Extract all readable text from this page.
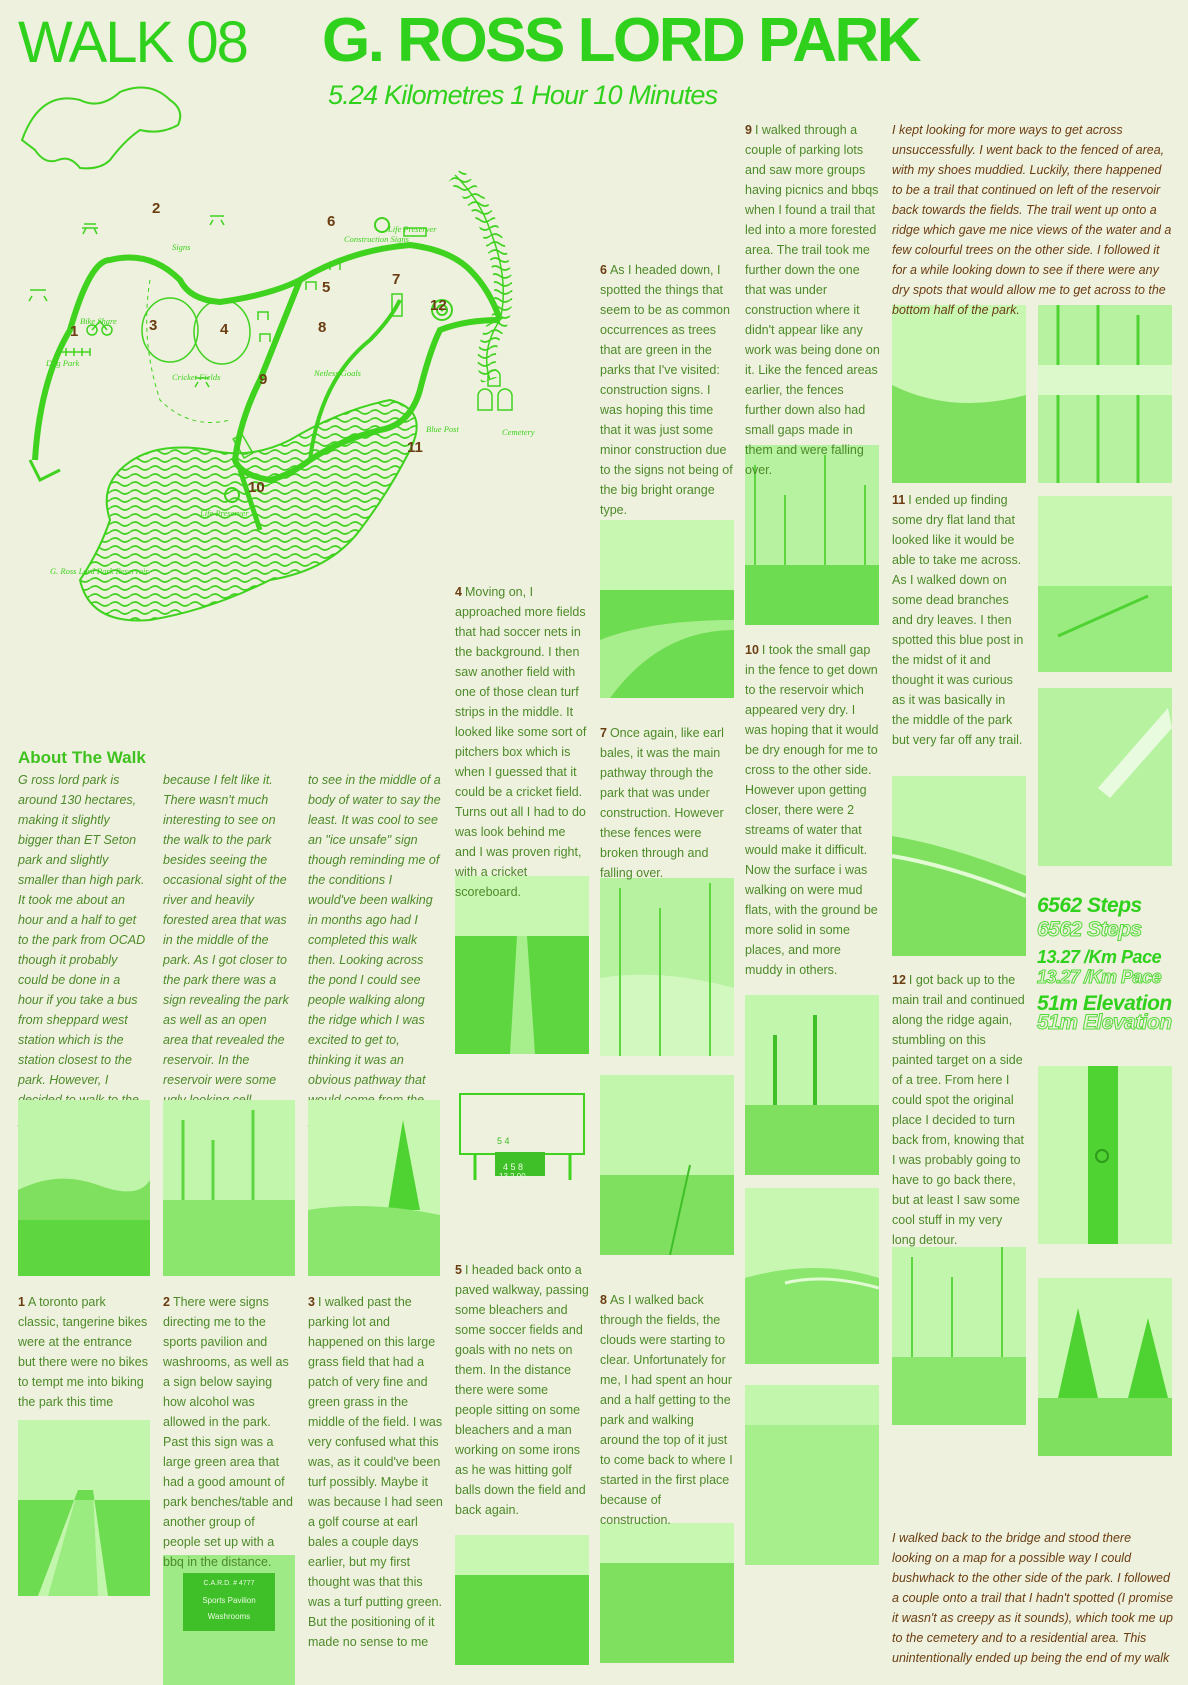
WALK 08 G. ROSS LORD PARK
5.24 Kilometres 1 Hour 10 Minutes
1
2
3	4
5
6
7
8
9
10
11
12
Signs
Bike Share
Dog Park
Cricket Fields	Netless Goals
Construction Signs
Life Preserver
Life Preserver
Blue Post	Cemetery
G. Ross Lord Park Reservoir
About The Walk
G ross lord park is around 130 hectares, making it slightly bigger than ET Seton park and slightly smaller than high park. It took me about an hour and a half to get to the park from OCAD though it probably could be done in a hour if you take a bus from sheppard west station which is the station closest to the park. However, I
because I felt like it. There wasn't much interesting to see on the walk to the park besides seeing the occasional sight of the river and heavily forested area that was in the middle of the park. As I got closer to the park there was a sign revealing the park as well as an open area that revealed the reservoir. In the reservoir were some
to see in the middle of a body of water to say the least. It was cool to see an "ice unsafe" sign though reminding me of the conditions I would've been walking in months ago had I completed this walk then. Looking across the pond I could see people walking along the ridge which I was excited to get to, thinking it was an obvious pathway that
C.A.R.D. # 4777
Sports Pavilion
Washrooms
4 5 8
5 4
13 2 00
1 A toronto park classic, tangerine bikes were at the entrance but there were no bikes to tempt me into biking the park this time
2 There were signs directing me to the sports pavilion and washrooms, as well as a sign below saying how alcohol was allowed in the park. Past this sign was a large green area that had a good amount of park benches/table and another group of people set up with a bbq in the distance.
3 I walked past the parking lot and happened on this large grass field that had a patch of very fine and green grass in the middle of the field. I was very confused what this was, as it could've been turf possibly. Maybe it was because I had seen a golf course at earl bales a couple days earlier, but my first thought was that this was a turf putting green. But the positioning of it made no sense to me
4 Moving on, I approached more fields that had soccer nets in the background. I then saw another field with one of those clean turf strips in the middle. It looked like some sort of pitchers box which is when I guessed that it could be a cricket field. Turns out all I had to do was look behind me and I was proven right, with a cricket scoreboard.
5 I headed back onto a paved walkway, passing some bleachers and some soccer fields and goals with no nets on them. In the distance there were some people sitting on some bleachers and a man working on some irons as he was hitting golf balls down the field and back again.
6 As I headed down, I spotted the things that seem to be as common occurrences as trees that are green in the parks that I've visited: construction signs. I was hoping this time that it was just some minor construction due to the signs not being of the big bright orange type.
7 Once again, like earl bales, it was the main pathway through the park that was under construction. However these fences were broken through and falling over.
8 As I walked back through the fields, the clouds were starting to clear. Unfortunately for me, I had spent an hour and a half getting to the park and walking around the top of it just to come back to where I started in the first place because of construction.
9 I walked through a couple of parking lots and saw more groups having picnics and bbqs when I found a trail that led into a more forested area. The trail took me further down the one that was under construction where it didn't appear like any work was being done on it. Like the fenced areas earlier, the fences further down also had small gaps made in them and were falling over.
10 I took the small gap in the fence to get down to the reservoir which appeared very dry. I was hoping that it would be dry enough for me to cross to the other side. However upon getting closer, there were 2 streams of water that would make it difficult. Now the surface i was walking on were mud flats, with the ground be more solid in some places, and more muddy in others.
11 I ended up finding some dry flat land that looked like it would be able to take me across. As I walked down on some dead branches and dry leaves. I then spotted this blue post in the midst of it and thought it was curious as it was basically in the middle of the park but very far off any trail.
12 I got back up to the main trail and continued along the ridge again, stumbling on this painted target on a side of a tree. From here I could spot the original place I decided to turn back from, knowing that I was probably going to have to go back there, but at least I saw some cool stuff in my very long detour.
I kept looking for more ways to get across unsuccessfully. I went back to the fenced of area, with my shoes muddied. Luckily, there happened to be a trail that continued on left of the reservoir back towards the fields. The trail went up onto a ridge which gave me nice views of the water and a few colourful trees on the other side. I followed it for a while looking down to see if there were any dry spots that would allow me to get across to the bottom half of the park.
I walked back to the bridge and stood there looking on a map for a possible way I could bushwhack to the other side of the park. I followed a couple onto a trail that I hadn't spotted (I promise it wasn't as creepy as it sounds), which took me up to the cemetery and to a residential area. This unintentionally ended up being the end of my walk
6562 Steps
6562 Steps
13.27 /Km Pace
13.27 /Km Pace
51m Elevation
51m Elevation
